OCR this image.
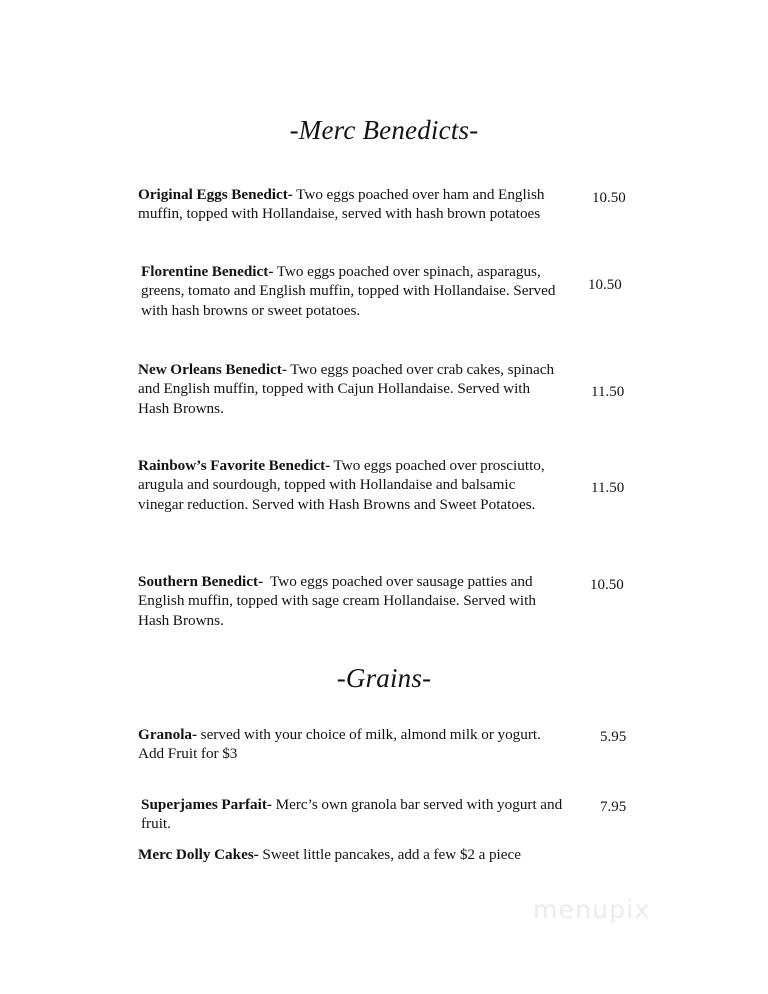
-Merc Benedicts-
Original Eggs Benedict- Two eggs poached over ham and English muffin, topped with Hollandaise, served with hash brown potatoes
10.50
Florentine Benedict- Two eggs poached over spinach, asparagus, greens, tomato and English muffin, topped with Hollandaise. Served with hash browns or sweet potatoes.
10.50
New Orleans Benedict- Two eggs poached over crab cakes, spinach and English muffin, topped with Cajun Hollandaise. Served with Hash Browns.
11.50
Rainbow’s Favorite Benedict- Two eggs poached over prosciutto, arugula and sourdough, topped with Hollandaise and balsamic vinegar reduction. Served with Hash Browns and Sweet Potatoes.
11.50
Southern Benedict-  Two eggs poached over sausage patties and English muffin, topped with sage cream Hollandaise. Served with Hash Browns.
10.50
-Grains-
Granola- served with your choice of milk, almond milk or yogurt. Add Fruit for $3
5.95
Superjames Parfait- Merc’s own granola bar served with yogurt and fruit.
7.95
Merc Dolly Cakes- Sweet little pancakes, add a few $2 a piece
menupix
